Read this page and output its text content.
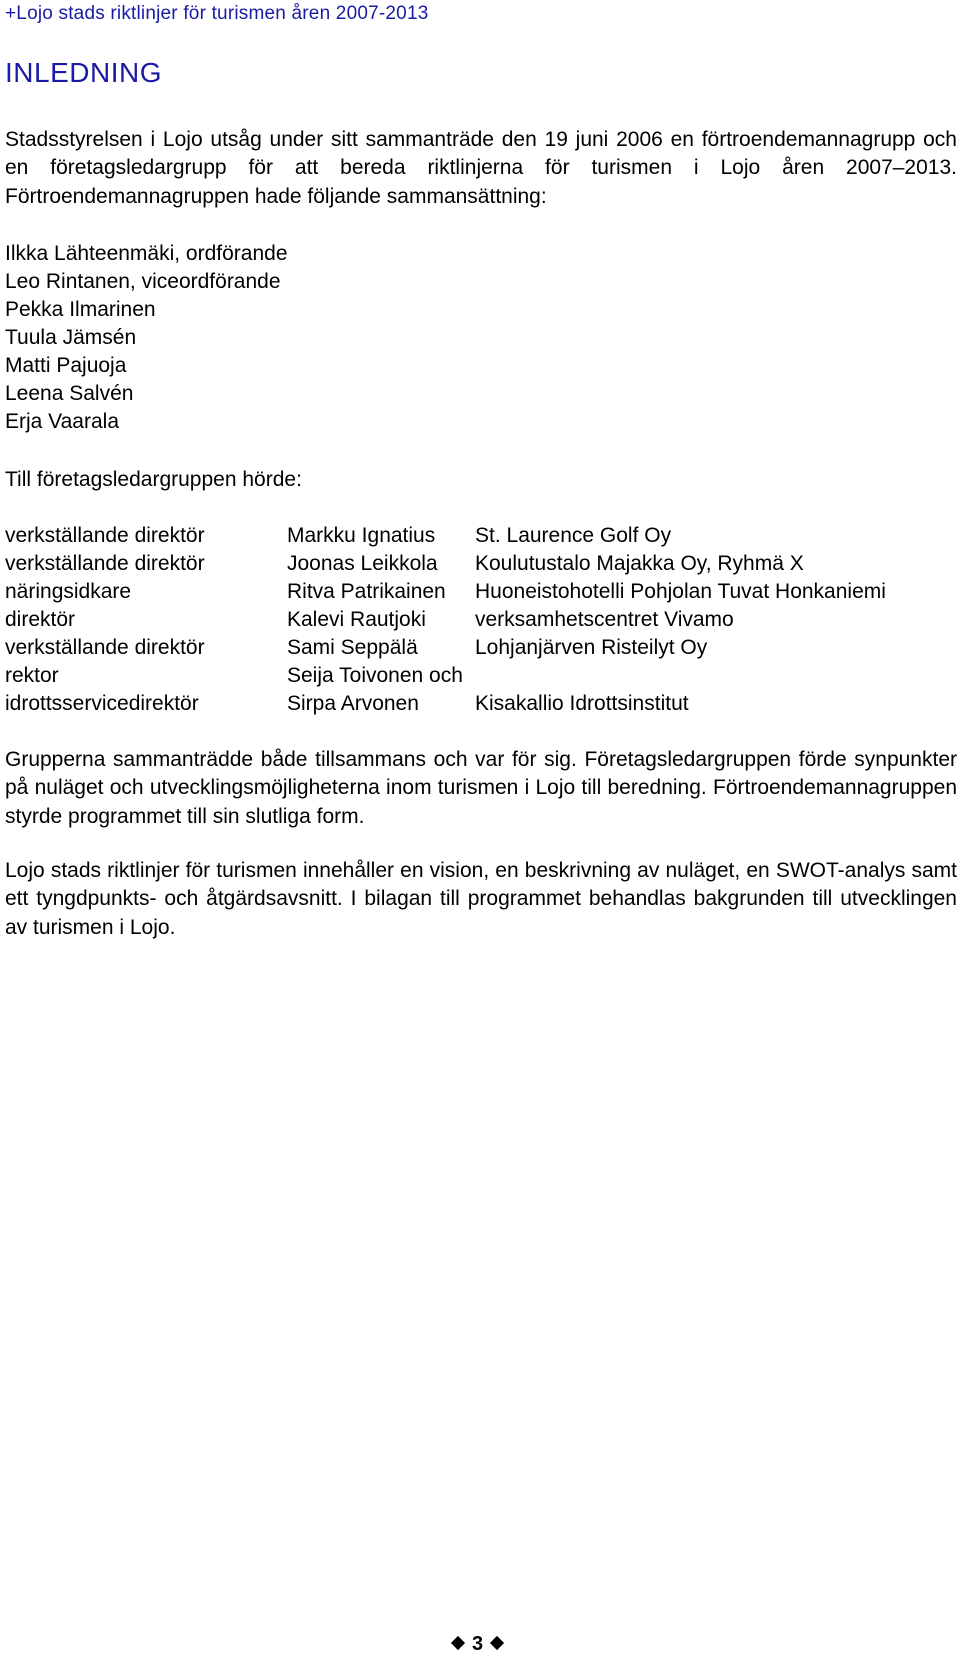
+Lojo stads riktlinjer för turismen åren 2007-2013
INLEDNING

Stadsstyrelsen i Lojo utsåg under sitt sammanträde den 19 juni 2006 en förtroendemannagrupp och en företagsledargrupp för att bereda riktlinjerna för turismen i Lojo åren 2007–2013. Förtroendemannagruppen hade följande sammansättning:

Ilkka Lähteenmäki, ordförande
Leo Rintanen, viceordförande
Pekka Ilmarinen
Tuula Jämsén
Matti Pajuoja
Leena Salvén
Erja Vaarala
Till företagsledargruppen hörde:
verkställande direktör	Markku Ignatius	St. Laurence Golf Oy
verkställande direktör	Joonas Leikkola	Koulutustalo Majakka Oy, Ryhmä X
näringsidkare	Ritva Patrikainen	Huoneistohotelli Pohjolan Tuvat Honkaniemi
direktör	Kalevi Rautjoki	verksamhetscentret Vivamo
verkställande direktör	Sami Seppälä	Lohjanjärven Risteilyt Oy
rektor	Seija Toivonen och	
idrottsservicedirektör	Sirpa Arvonen	Kisakallio Idrottsinstitut

Grupperna sammanträdde både tillsammans och var för sig. Företagsledargruppen förde synpunkter på nuläget och utvecklingsmöjligheterna inom turismen i Lojo till beredning. Förtroendemannagruppen styrde programmet till sin slutliga form.

Lojo stads riktlinjer för turismen innehåller en vision, en beskrivning av nuläget, en SWOT-analys samt ett tyngdpunkts- och åtgärdsavsnitt. I bilagan till programmet behandlas bakgrunden till utvecklingen av turismen i Lojo.

3
